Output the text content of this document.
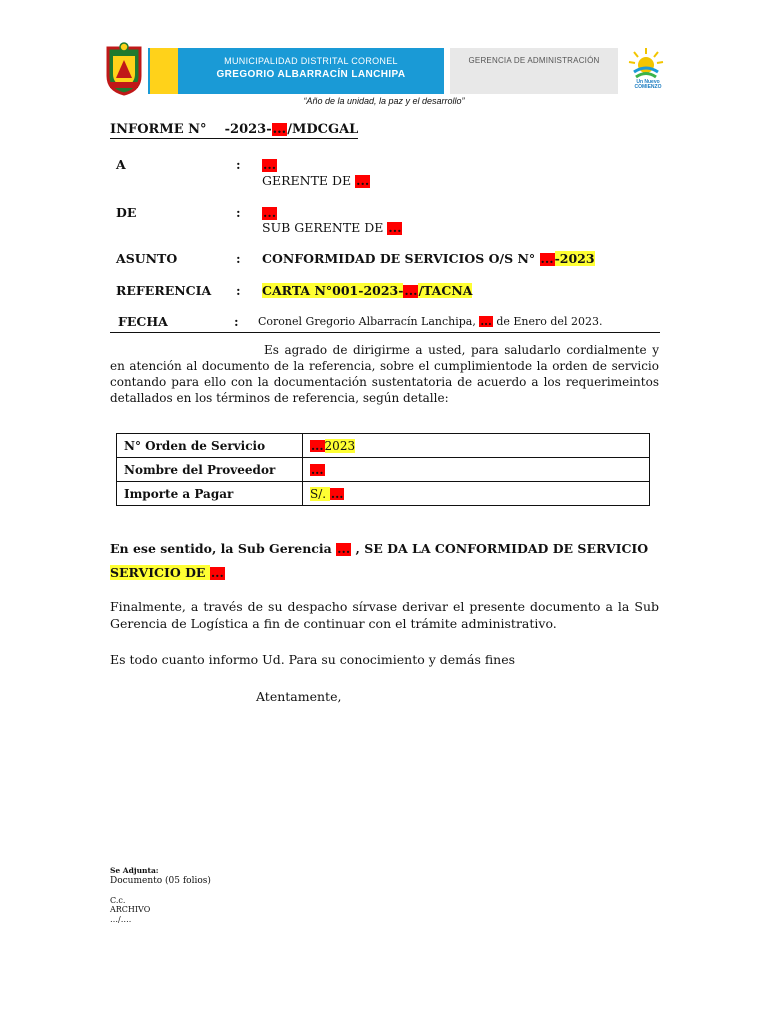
MUNICIPALIDAD DISTRITAL CORONEL
GREGORIO ALBARRACÍN LANCHIPA
GERENCIA DE ADMINISTRACIÓN
Un Nuevo COMIENZO
“Año de la unidad, la paz y el desarrollo”
INFORME N° -2023-.../MDCGAL
A	: ...
GERENTE DE ...
DE	: ...
SUB GERENTE DE ...
ASUNTO	: CONFORMIDAD DE SERVICIOS O/S N° ...-2023
REFERENCIA : CARTA N°001-2023-.../TACNA
FECHA	: Coronel Gregorio Albarracín Lanchipa, ... de Enero del 2023.
Es agrado de dirigirme a usted, para saludarlo cordialmente y en atención al documento de la referencia, sobre el cumplimientode la orden de servicio contando para ello con la documentación sustentatoria de acuerdo a los requerimeintos detallados en los términos de referencia, según detalle:
N° Orden de Servicio	...2023
Nombre del Proveedor	...
Importe a Pagar	S/. ...
En ese sentido, la Sub Gerencia ... , SE DA LA CONFORMIDAD DE SERVICIO
SERVICIO DE ...
Finalmente, a través de su despacho sírvase derivar el presente documento a la Sub Gerencia de Logística a fin de continuar con el trámite administrativo.
Es todo cuanto informo Ud. Para su conocimiento y demás fines
Atentamente,
Se Adjunta:
Documento (05 folios)
C.c.
ARCHIVO
…/….
